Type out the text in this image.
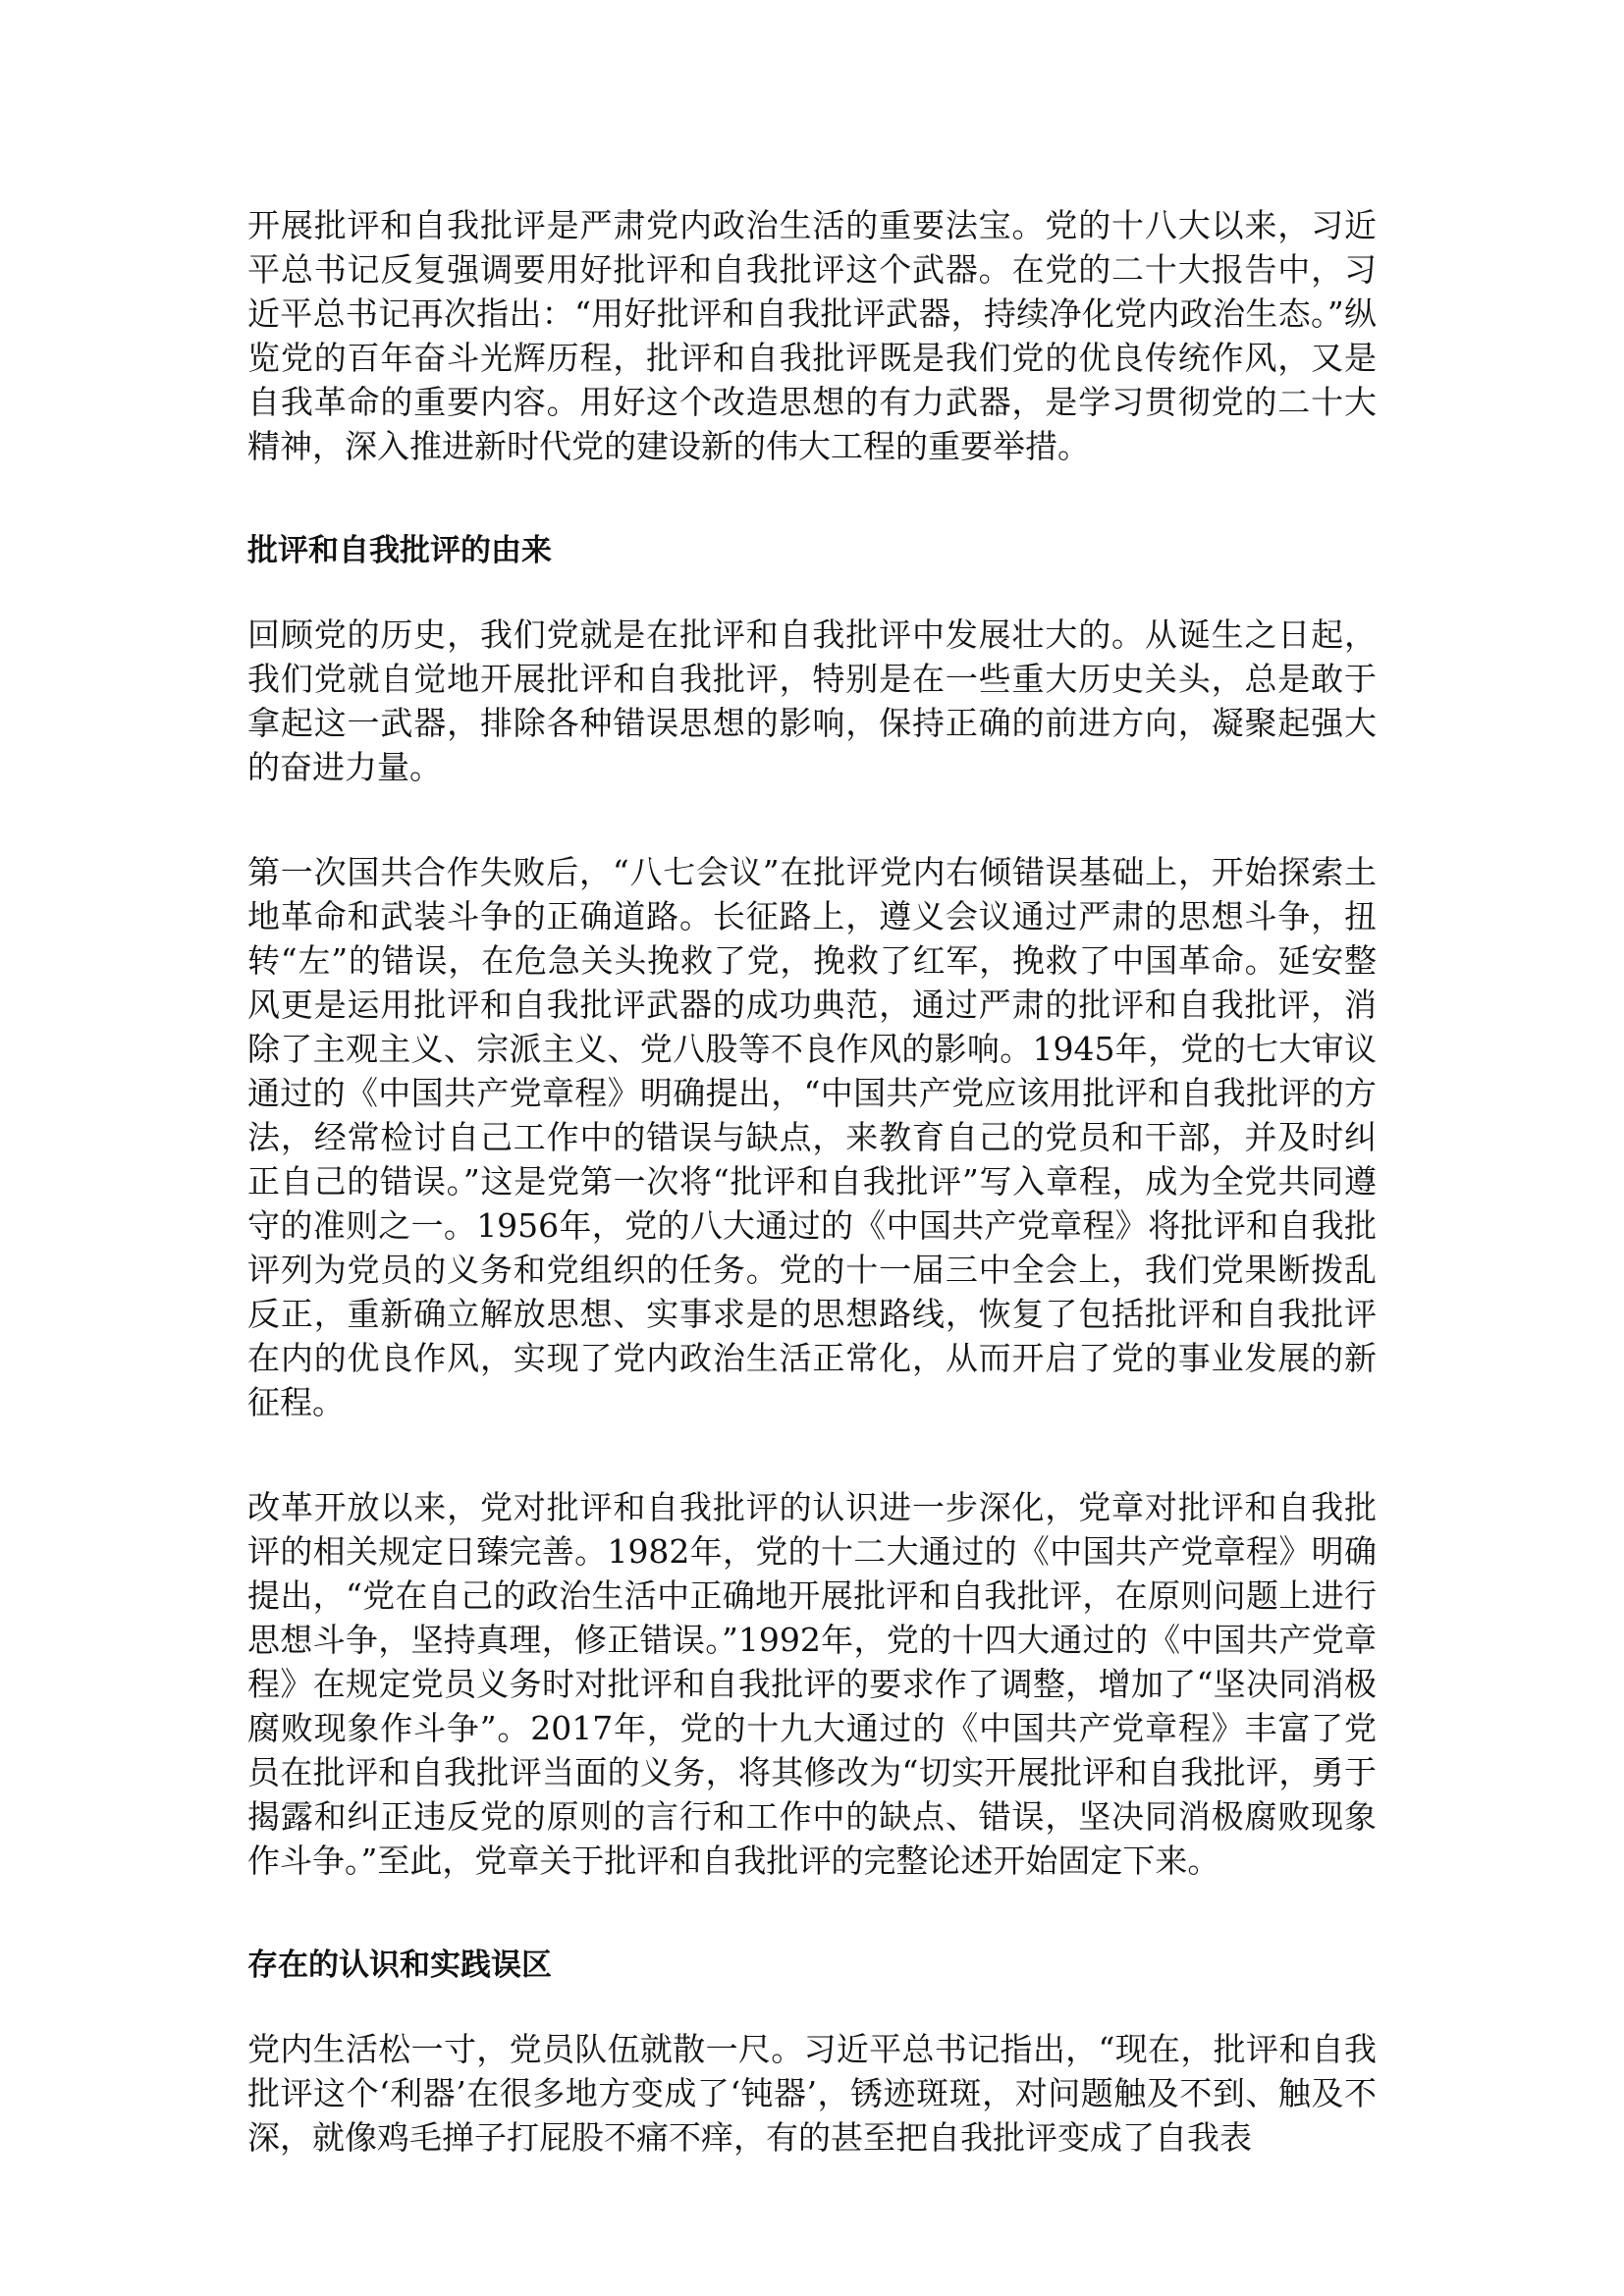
开展批评和自我批评是严肃党内政治生活的重要法宝。党的十八大以来，习近平总书记反复强调要用好批评和自我批评这个武器。在党的二十大报告中，习近平总书记再次指出：“用好批评和自我批评武器，持续净化党内政治生态。”纵览党的百年奋斗光辉历程，批评和自我批评既是我们党的优良传统作风，又是自我革命的重要内容。用好这个改造思想的有力武器，是学习贯彻党的二十大精神，深入推进新时代党的建设新的伟大工程的重要举措。

批评和自我批评的由来

回顾党的历史，我们党就是在批评和自我批评中发展壮大的。从诞生之日起，我们党就自觉地开展批评和自我批评，特别是在一些重大历史关头，总是敢于拿起这一武器，排除各种错误思想的影响，保持正确的前进方向，凝聚起强大的奋进力量。

第一次国共合作失败后，“八七会议”在批评党内右倾错误基础上，开始探索土地革命和武装斗争的正确道路。长征路上，遵义会议通过严肃的思想斗争，扭转“左”的错误，在危急关头挽救了党，挽救了红军，挽救了中国革命。延安整风更是运用批评和自我批评武器的成功典范，通过严肃的批评和自我批评，消除了主观主义、宗派主义、党八股等不良作风的影响。1945年，党的七大审议通过的《中国共产党章程》明确提出，“中国共产党应该用批评和自我批评的方法，经常检讨自己工作中的错误与缺点，来教育自己的党员和干部，并及时纠正自己的错误。”这是党第一次将“批评和自我批评”写入章程，成为全党共同遵守的准则之一。1956年，党的八大通过的《中国共产党章程》将批评和自我批评列为党员的义务和党组织的任务。党的十一届三中全会上，我们党果断拨乱反正，重新确立解放思想、实事求是的思想路线，恢复了包括批评和自我批评在内的优良作风，实现了党内政治生活正常化，从而开启了党的事业发展的新征程。

改革开放以来，党对批评和自我批评的认识进一步深化，党章对批评和自我批评的相关规定日臻完善。1982年，党的十二大通过的《中国共产党章程》明确提出，“党在自己的政治生活中正确地开展批评和自我批评，在原则问题上进行思想斗争，坚持真理，修正错误。”1992年，党的十四大通过的《中国共产党章程》在规定党员义务时对批评和自我批评的要求作了调整，增加了“坚决同消极腐败现象作斗争”。2017年，党的十九大通过的《中国共产党章程》丰富了党员在批评和自我批评当面的义务，将其修改为“切实开展批评和自我批评，勇于揭露和纠正违反党的原则的言行和工作中的缺点、错误，坚决同消极腐败现象作斗争。”至此，党章关于批评和自我批评的完整论述开始固定下来。

存在的认识和实践误区

党内生活松一寸，党员队伍就散一尺。习近平总书记指出，“现在，批评和自我批评这个‘利器’在很多地方变成了‘钝器’，锈迹斑斑，对问题触及不到、触及不深，就像鸡毛掸子打屁股不痛不痒，有的甚至把自我批评变成了自我表
